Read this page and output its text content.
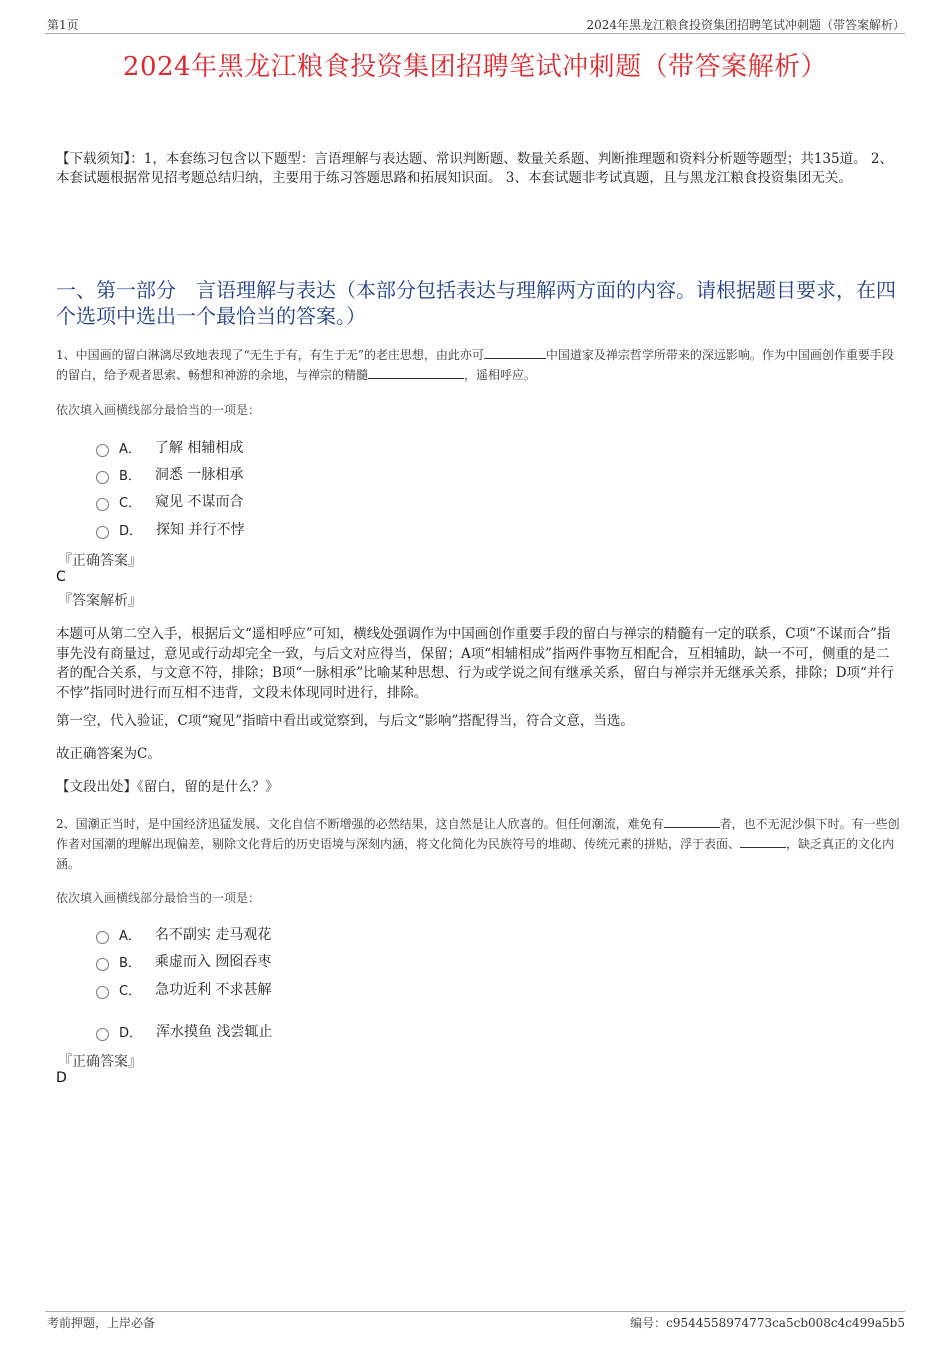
第1页	2024年黑龙江粮食投资集团招聘笔试冲刺题（带答案解析）
2024年黑龙江粮食投资集团招聘笔试冲刺题（带答案解析）
【下载须知】：1，本套练习包含以下题型：言语理解与表达题、常识判断题、数量关系题、判断推理题和资料分析题等题型；共135道。 2、本套试题根据常见招考题总结归纳，主要用于练习答题思路和拓展知识面。 3、本套试题非考试真题，且与黑龙江粮食投资集团无关。
一、第一部分　言语理解与表达（本部分包括表达与理解两方面的内容。请根据题目要求，在四个选项中选出一个最恰当的答案。）
1、中国画的留白淋漓尽致地表现了“无生于有，有生于无”的老庄思想，由此亦可	中国道家及禅宗哲学所带来的深远影响。作为中国画创作重要手段的留白，给予观者思索、畅想和神游的余地，与禅宗的精髓	，遥相呼应。
依次填入画横线部分最恰当的一项是：
A． 了解 相辅相成
B． 洞悉 一脉相承
C． 窥见 不谋而合
D． 探知 并行不悖
『正确答案』
C
『答案解析』
本题可从第二空入手，根据后文“遥相呼应”可知，横线处强调作为中国画创作重要手段的留白与禅宗的精髓有一定的联系，C项“不谋而合”指事先没有商量过，意见或行动却完全一致，与后文对应得当，保留；A项“相辅相成”指两件事物互相配合，互相辅助，缺一不可，侧重的是二者的配合关系，与文意不符，排除；B项“一脉相承”比喻某种思想、行为或学说之间有继承关系，留白与禅宗并无继承关系，排除；D项“并行不悖”指同时进行而互相不违背，文段未体现同时进行，排除。
第一空，代入验证，C项“窥见”指暗中看出或觉察到，与后文“影响”搭配得当，符合文意，当选。
故正确答案为C。
【文段出处】《留白，留的是什么？》
2、国潮正当时，是中国经济迅猛发展、文化自信不断增强的必然结果，这自然是让人欣喜的。但任何潮流，难免有	者，也不无泥沙俱下时。有一些创作者对国潮的理解出现偏差，剔除文化背后的历史语境与深刻内涵，将文化简化为民族符号的堆砌、传统元素的拼贴，浮于表面、	，缺乏真正的文化内涵。
依次填入画横线部分最恰当的一项是：
A． 名不副实 走马观花
B． 乘虚而入 囫囵吞枣
C． 急功近利 不求甚解
D． 浑水摸鱼 浅尝辄止
『正确答案』
D
考前押题，上岸必备	编号：c9544558974773ca5cb008c4c499a5b5
